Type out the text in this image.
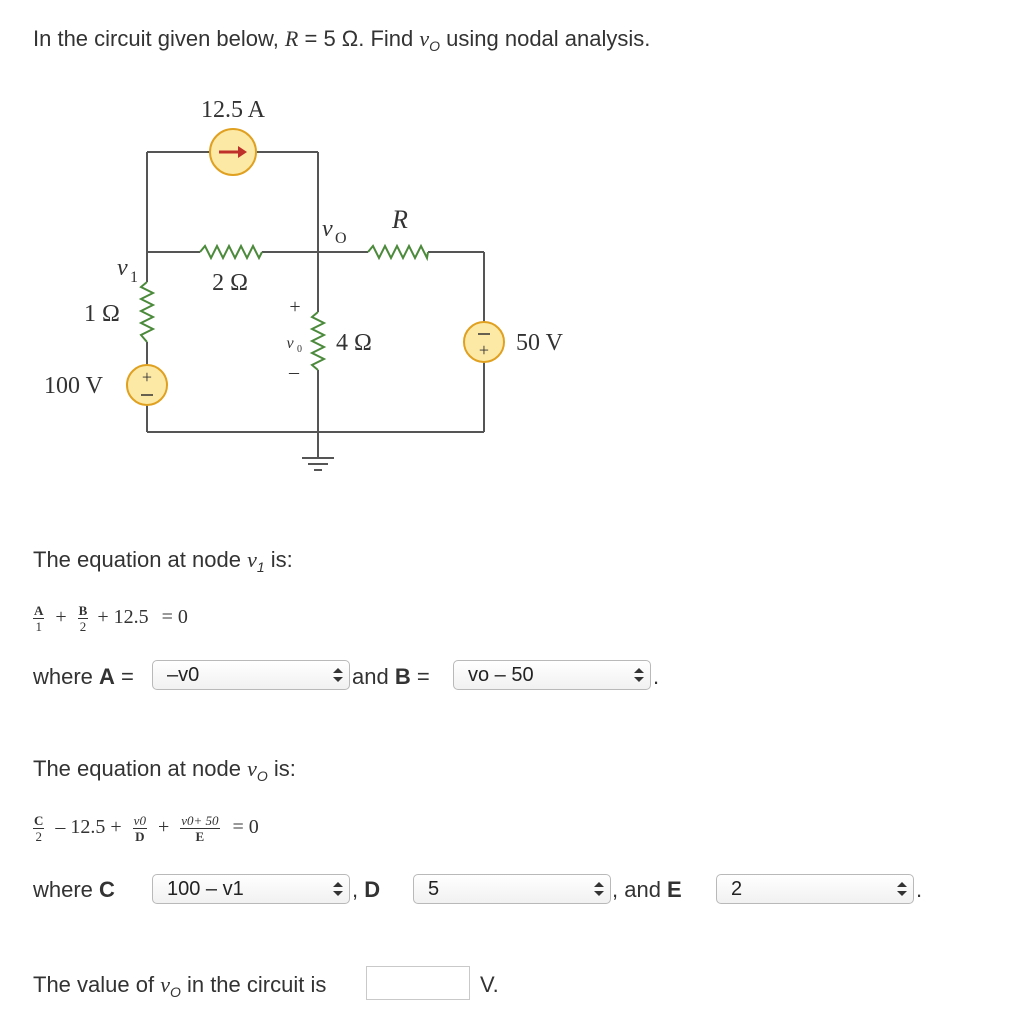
In the circuit given below, R = 5 Ω. Find $v_O$ using nodal analysis.
+
+
12.5 A
v 1	2 Ω
1 Ω
v O
R
4 Ω
100 V
50 V
+
v 0
–
The equation at node $v_1$ is:
$\frac{A}{1} + \frac{B}{2} + 12.5 = 0$
where A =	–v0	and B =	vo – 50	.
The equation at node $v_O$ is:
$\frac{C}{2} - 12.5 + \frac{v0}{D} + \frac{v0+ 50}{E} = 0$
where C	100 – v1	, D	5	, and E	2	.
The value of $v_O$ in the circuit is	V.
